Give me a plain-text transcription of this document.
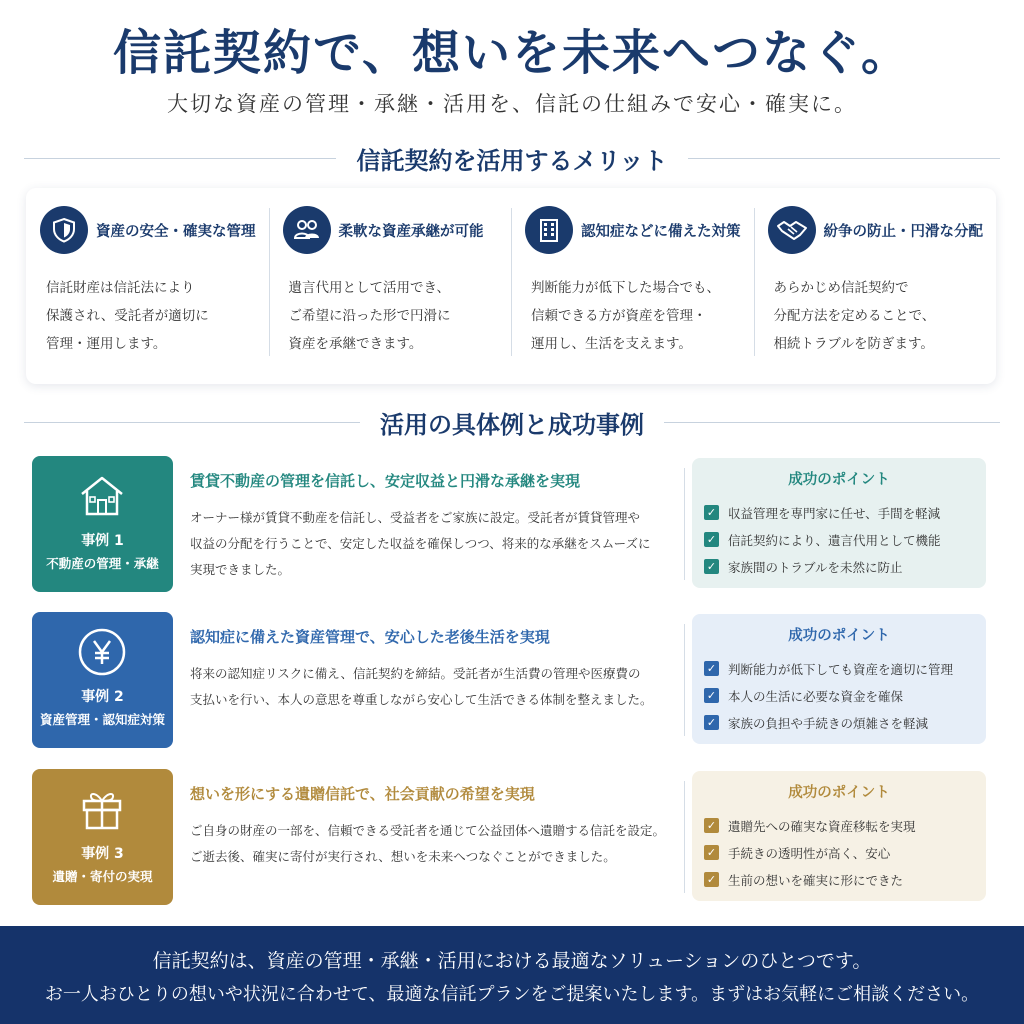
信託契約で、想いを未来へつなぐ。
大切な資産の管理・承継・活用を、信託の仕組みで安心・確実に。
信託契約を活用するメリット
資産の安全・確実な管理
信託財産は信託法により
保護され、受託者が適切に
管理・運用します。
柔軟な資産承継が可能
遺言代用として活用でき、
ご希望に沿った形で円滑に
資産を承継できます。
認知症などに備えた対策
判断能力が低下した場合でも、
信頼できる方が資産を管理・
運用し、生活を支えます。
紛争の防止・円滑な分配
あらかじめ信託契約で
分配方法を定めることで、
相続トラブルを防ぎます。
活用の具体例と成功事例
事例 1
不動産の管理・承継
賃貸不動産の管理を信託し、安定収益と円滑な承継を実現
オーナー様が賃貸不動産を信託し、受益者をご家族に設定。受託者が賃貸管理や
収益の分配を行うことで、安定した収益を確保しつつ、将来的な承継をスムーズに
実現できました。
成功のポイント
✓ 収益管理を専門家に任せ、手間を軽減
✓ 信託契約により、遺言代用として機能
✓ 家族間のトラブルを未然に防止
事例 2
資産管理・認知症対策
認知症に備えた資産管理で、安心した老後生活を実現
将来の認知症リスクに備え、信託契約を締結。受託者が生活費の管理や医療費の
支払いを行い、本人の意思を尊重しながら安心して生活できる体制を整えました。
成功のポイント
✓ 判断能力が低下しても資産を適切に管理
✓ 本人の生活に必要な資金を確保
✓ 家族の負担や手続きの煩雑さを軽減
事例 3
遺贈・寄付の実現
想いを形にする遺贈信託で、社会貢献の希望を実現
ご自身の財産の一部を、信頼できる受託者を通じて公益団体へ遺贈する信託を設定。
ご逝去後、確実に寄付が実行され、想いを未来へつなぐことができました。
成功のポイント
✓ 遺贈先への確実な資産移転を実現
✓ 手続きの透明性が高く、安心
✓ 生前の想いを確実に形にできた
信託契約は、資産の管理・承継・活用における最適なソリューションのひとつです。
お一人おひとりの想いや状況に合わせて、最適な信託プランをご提案いたします。まずはお気軽にご相談ください。
